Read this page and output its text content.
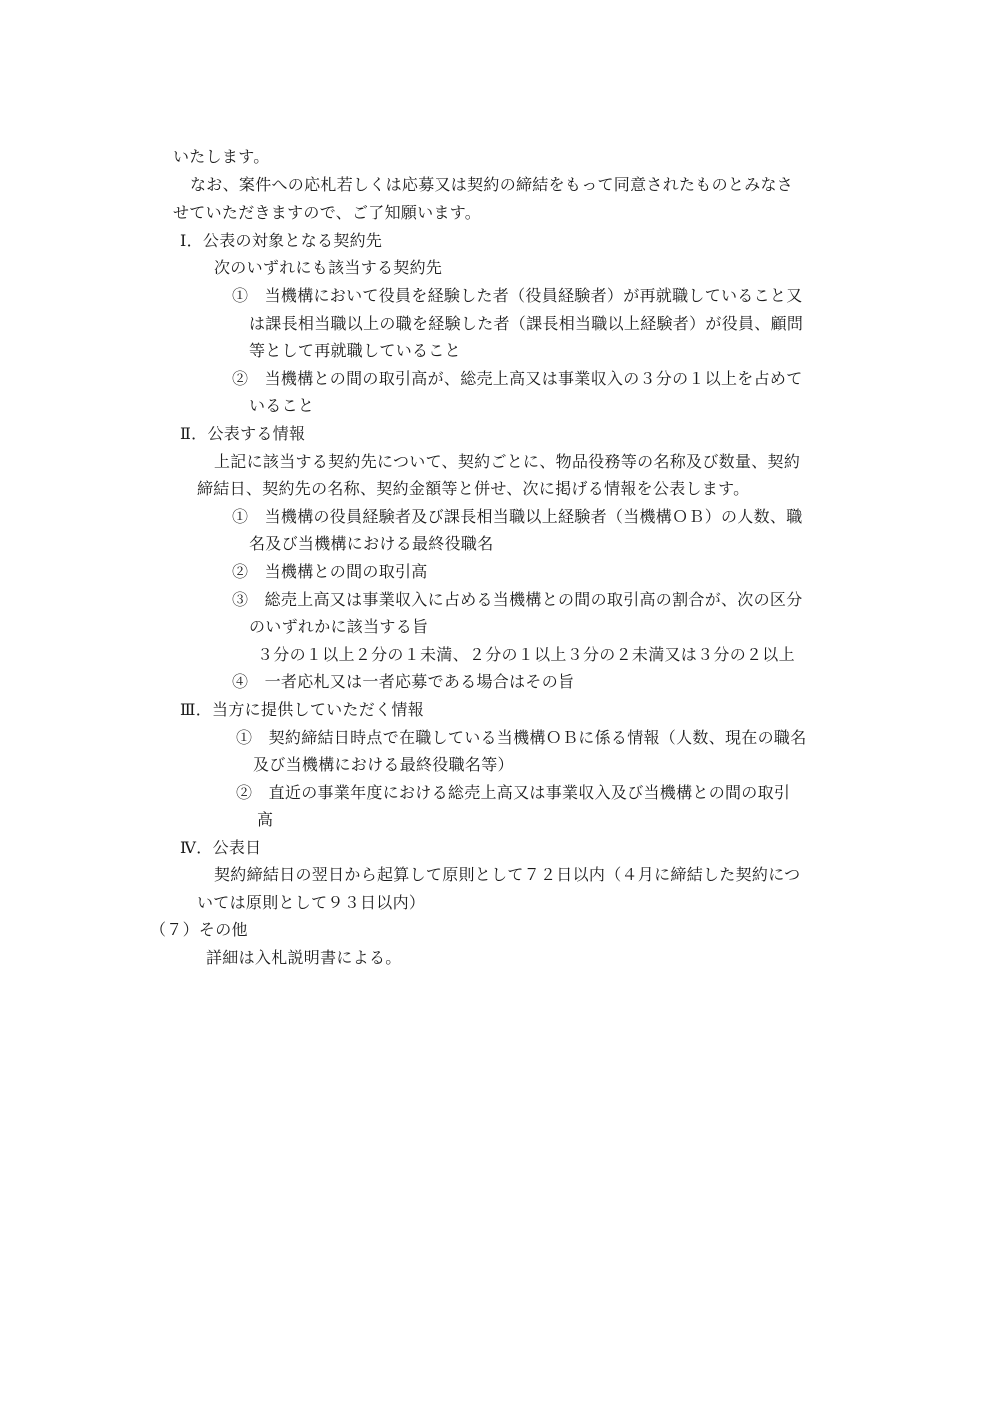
いたします。
なお、案件への応札若しくは応募又は契約の締結をもって同意されたものとみなさ
せていただきますので、ご了知願います。
Ⅰ．公表の対象となる契約先
次のいずれにも該当する契約先
①　当機構において役員を経験した者（役員経験者）が再就職していること又
は課長相当職以上の職を経験した者（課長相当職以上経験者）が役員、顧問
等として再就職していること
②　当機構との間の取引高が、総売上高又は事業収入の３分の１以上を占めて
いること
Ⅱ．公表する情報
上記に該当する契約先について、契約ごとに、物品役務等の名称及び数量、契約
締結日、契約先の名称、契約金額等と併せ、次に掲げる情報を公表します。
①　当機構の役員経験者及び課長相当職以上経験者（当機構ＯＢ）の人数、職
名及び当機構における最終役職名
②　当機構との間の取引高
③　総売上高又は事業収入に占める当機構との間の取引高の割合が、次の区分
のいずれかに該当する旨
３分の１以上２分の１未満、２分の１以上３分の２未満又は３分の２以上
④　一者応札又は一者応募である場合はその旨
Ⅲ．当方に提供していただく情報
①　契約締結日時点で在職している当機構ＯＢに係る情報（人数、現在の職名
及び当機構における最終役職名等）
②　直近の事業年度における総売上高又は事業収入及び当機構との間の取引
高
Ⅳ．公表日
契約締結日の翌日から起算して原則として７２日以内（４月に締結した契約につ
いては原則として９３日以内）
（７）その他
詳細は入札説明書による。
